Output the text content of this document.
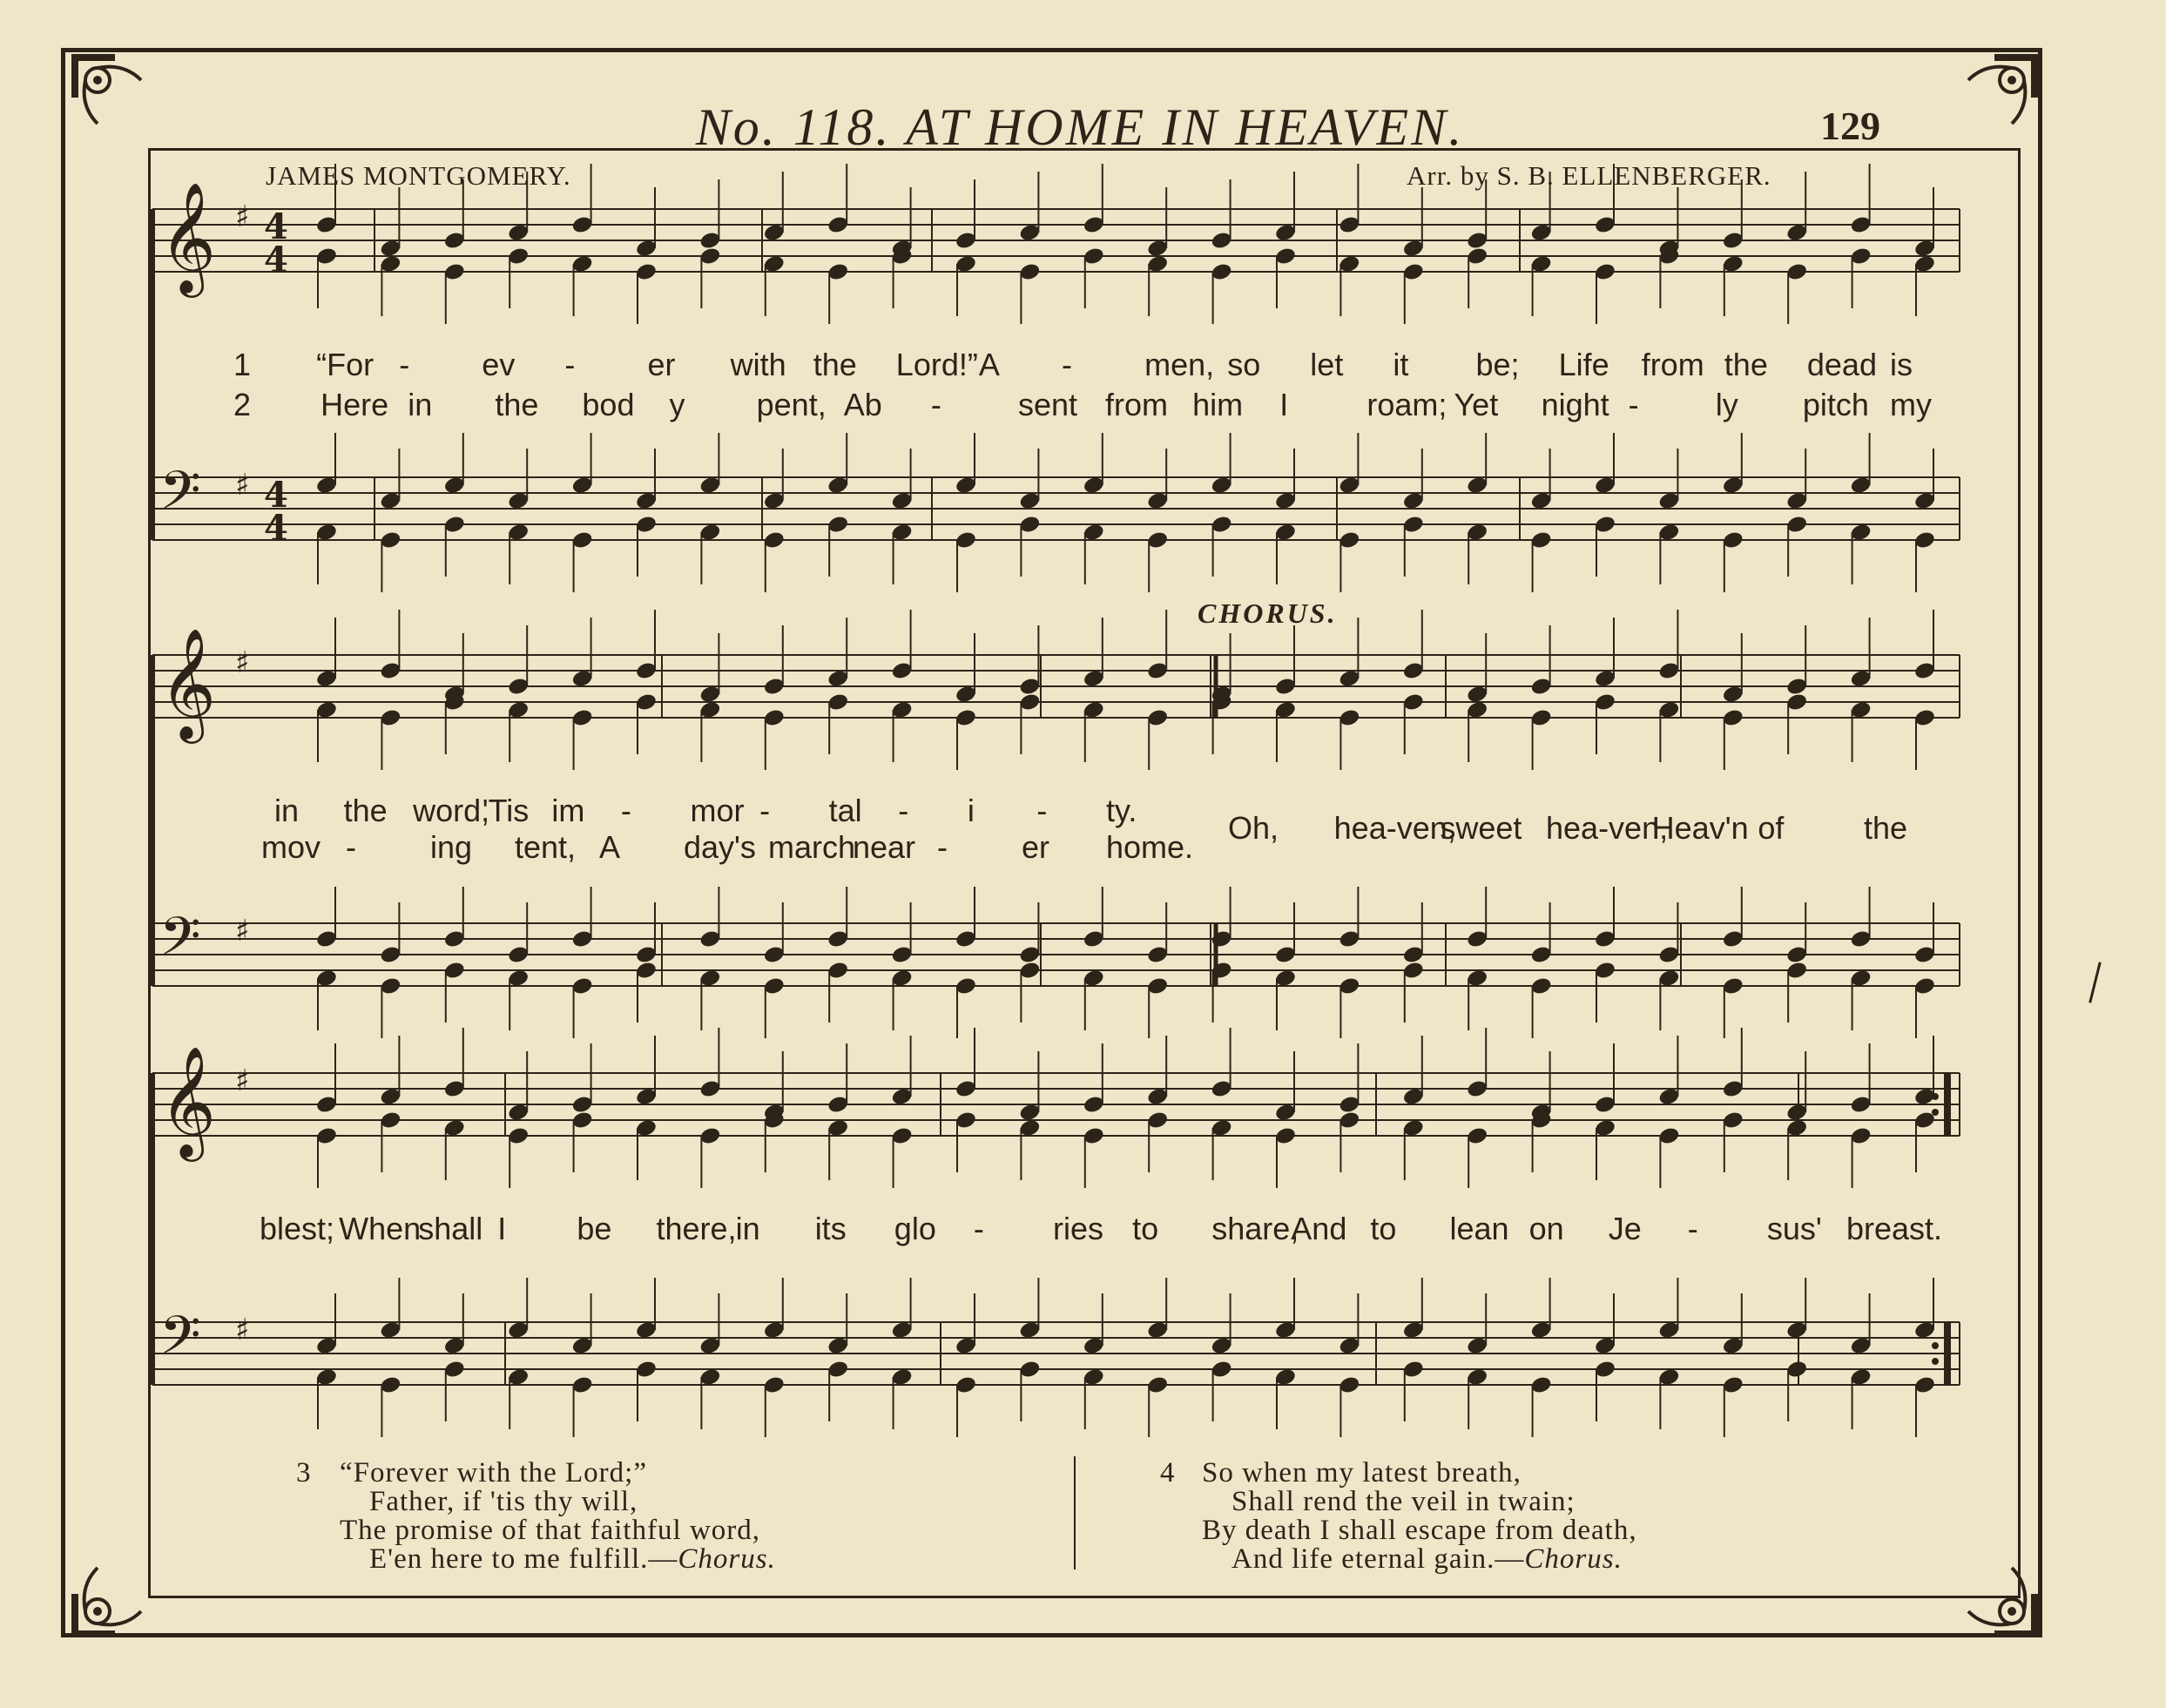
No. 118. AT HOME IN HEAVEN.	129
JAMES MONTGOMERY.	Arr. by S. B. ELLENBERGER.
𝄞 ♯ 4
4
𝄢 ♯ 4
4
𝄞 ♯
𝄢 ♯
𝄞 ♯
𝄢 ♯
CHORUS.
1 “For - ev - er with the Lord!” A - men, so let it be; Life from the dead is
2 Here in the bod y pent, Ab - sent from him I	roam; Yet night - ly pitch my
in the word,
'Tis im - mor - tal - i - ty.
mov - ing tent, A day's march
near - er home.
Oh, hea-ven,
sweet hea-ven,
Heav'n of	the
blest; When
shall I be there, in its glo - ries to share,
And to lean on Je - sus' breast.
3 “Forever with the Lord;”
Father, if 'tis thy will,
The promise of that faithful word,
E'en here to me fulfill.—Chorus.
4 So when my latest breath,
Shall rend the veil in twain;
By death I shall escape from death,
And life eternal gain.—Chorus.
